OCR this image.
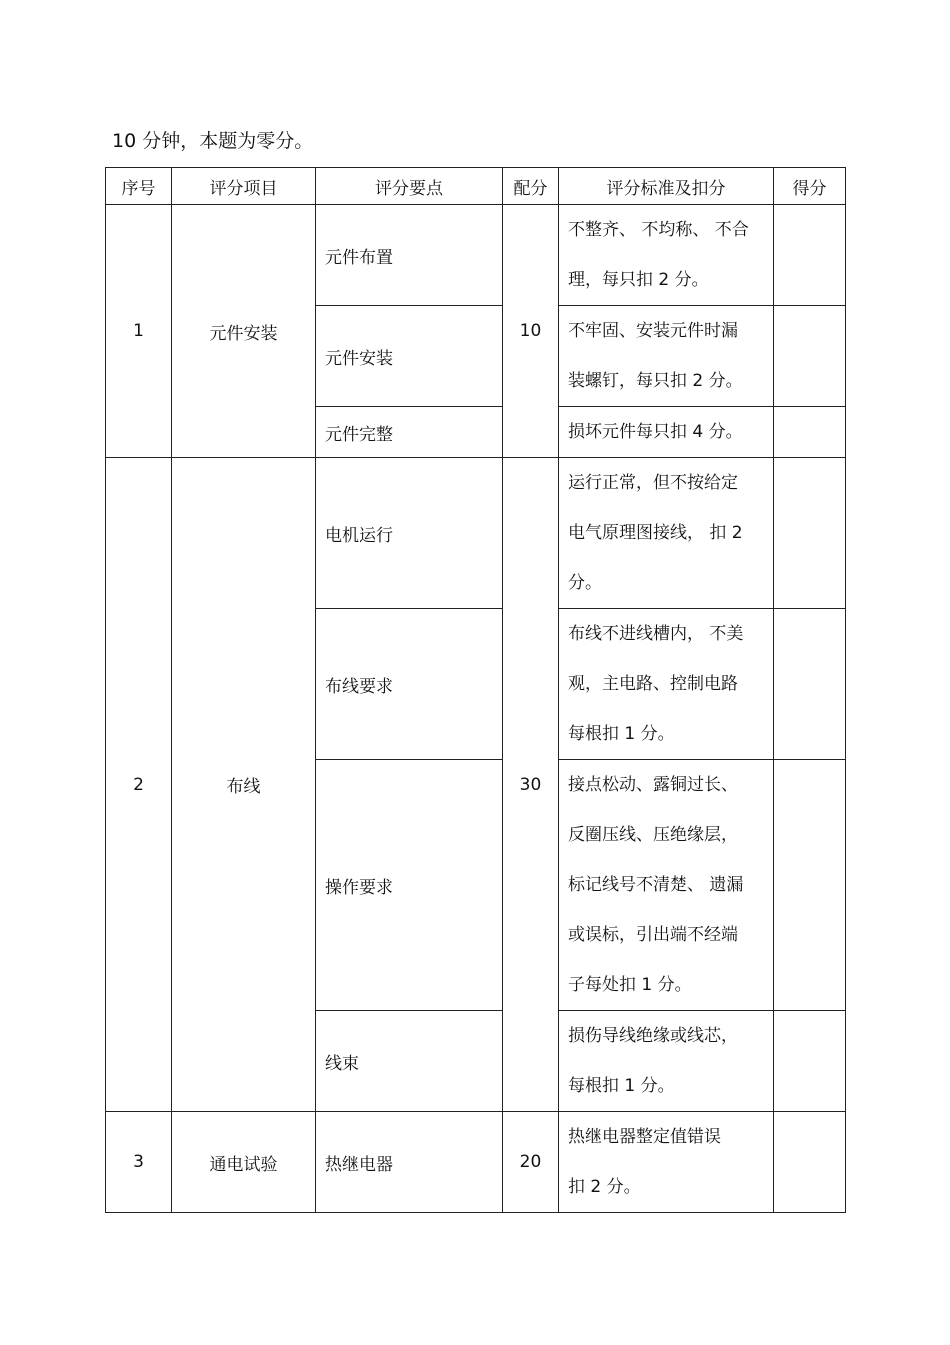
10 分钟，本题为零分。
序号	评分项目	评分要点	配分	评分标准及扣分	得分
1	元件安装	元件布置	10	不整齐、 不均称、 不合
理，每只扣 2 分。	
		元件安装		不牢固、安装元件时漏
装螺钉，每只扣 2 分。	
		元件完整		损坏元件每只扣 4 分。	
2	布线	电机运行	30	运行正常，但不按给定
电气原理图接线， 扣 2
分。	
		布线要求		布线不进线槽内， 不美
观，主电路、控制电路
每根扣 1 分。	
		操作要求		接点松动、露铜过长、
反圈压线、压绝缘层，
标记线号不清楚、 遗漏
或误标，引出端不经端
子每处扣 1 分。	
		线束		损伤导线绝缘或线芯，
每根扣 1 分。	
3	通电试验	热继电器	20	热继电器整定值错误
扣 2 分。	
